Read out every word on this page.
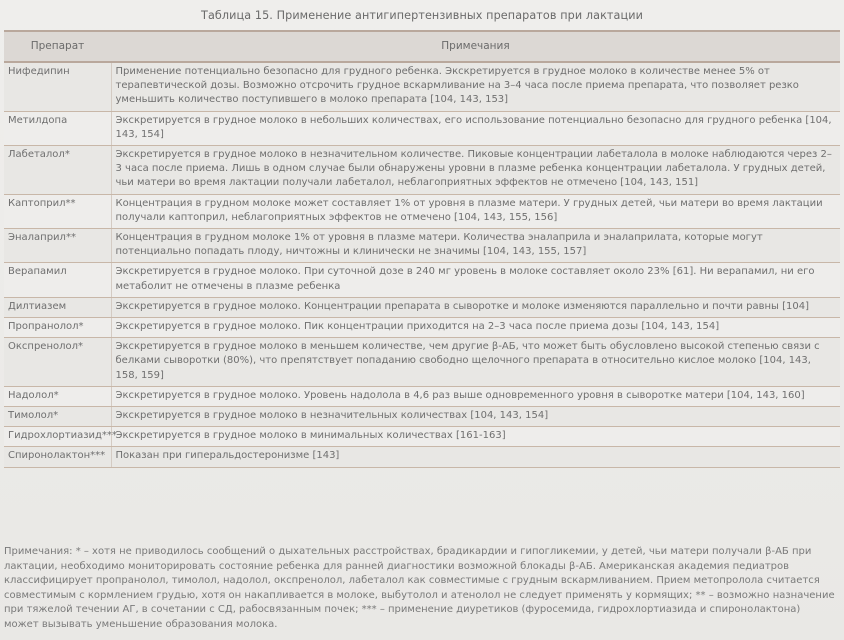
Таблица 15. Применение антигипертензивных препаратов при лактации
Препарат	Примечания
Нифедипин	Применение потенциально безопасно для грудного ребенка. Экскретируется в грудное молоко в количестве менее 5% от терапевтической дозы. Возможно отсрочить грудное вскармливание на 3–4 часа после приема препарата, что позволяет резко уменьшить количество поступившего в молоко препарата [104, 143, 153]
Метилдопа	Экскретируется в грудное молоко в небольших количествах, его использование потенциально безопасно для грудного ребенка [104, 143, 154]
Лабеталол*	Экскретируется в грудное молоко в незначительном количестве. Пиковые концентрации лабеталола в молоке наблюдаются через 2–3 часа после приема. Лишь в одном случае были обнаружены уровни в плазме ребенка концентрации лабеталола. У грудных детей, чьи матери во время лактации получали лабеталол, неблагоприятных эффектов не отмечено [104, 143, 151]
Каптоприл**	Концентрация в грудном молоке может составляет 1% от уровня в плазме матери. У грудных детей, чьи матери во время лактации получали каптоприл, неблагоприятных эффектов не отмечено [104, 143, 155, 156]
Эналаприл**	Концентрация в грудном молоке 1% от уровня в плазме матери. Количества эналаприла и эналаприлата, которые могут потенциально попадать плоду, ничтожны и клинически не значимы [104, 143, 155, 157]
Верапамил	Экскретируется в грудное молоко. При суточной дозе в 240 мг уровень в молоке составляет около 23% [61]. Ни верапамил, ни его метаболит не отмечены в плазме ребенка
Дилтиазем	Экскретируется в грудное молоко. Концентрации препарата в сыворотке и молоке изменяются параллельно и почти равны [104]
Пропранолол*	Экскретируется в грудное молоко. Пик концентрации приходится на 2–3 часа после приема дозы [104, 143, 154]
Окспренолол*	Экскретируется в грудное молоко в меньшем количестве, чем другие β-АБ, что может быть обусловлено высокой степенью связи с белками сыворотки (80%), что препятствует попаданию свободно щелочного препарата в относительно кислое молоко [104, 143, 158, 159]
Надолол*	Экскретируется в грудное молоко. Уровень надолола в 4,6 раз выше одновременного уровня в сыворотке матери [104, 143, 160]
Тимолол*	Экскретируется в грудное молоко в незначительных количествах [104, 143, 154]
Гидрохлортиазид***	Экскретируется в грудное молоко в минимальных количествах [161-163]
Спиронолактон***	Показан при гиперальдостеронизме [143]
Примечания: * – хотя не приводилось сообщений о дыхательных расстройствах, брадикардии и гипогликемии, у детей, чьи матери получали β-АБ при лактации, необходимо мониторировать состояние ребенка для ранней диагностики возможной блокады β-АБ. Американская академия педиатров классифицирует пропранолол, тимолол, надолол, окспренолол, лабеталол как совместимые с грудным вскармливанием. Прием метопролола считается совместимым с кормлением грудью, хотя он накапливается в молоке, выбутолол и атенолол не следует применять у кормящих; ** – возможно назначение при тяжелой течении АГ, в сочетании с СД, рабосвязанным почек; *** – применение диуретиков (фуросемида, гидрохлортиазида и спиронолактона) может вызывать уменьшение образования молока.
